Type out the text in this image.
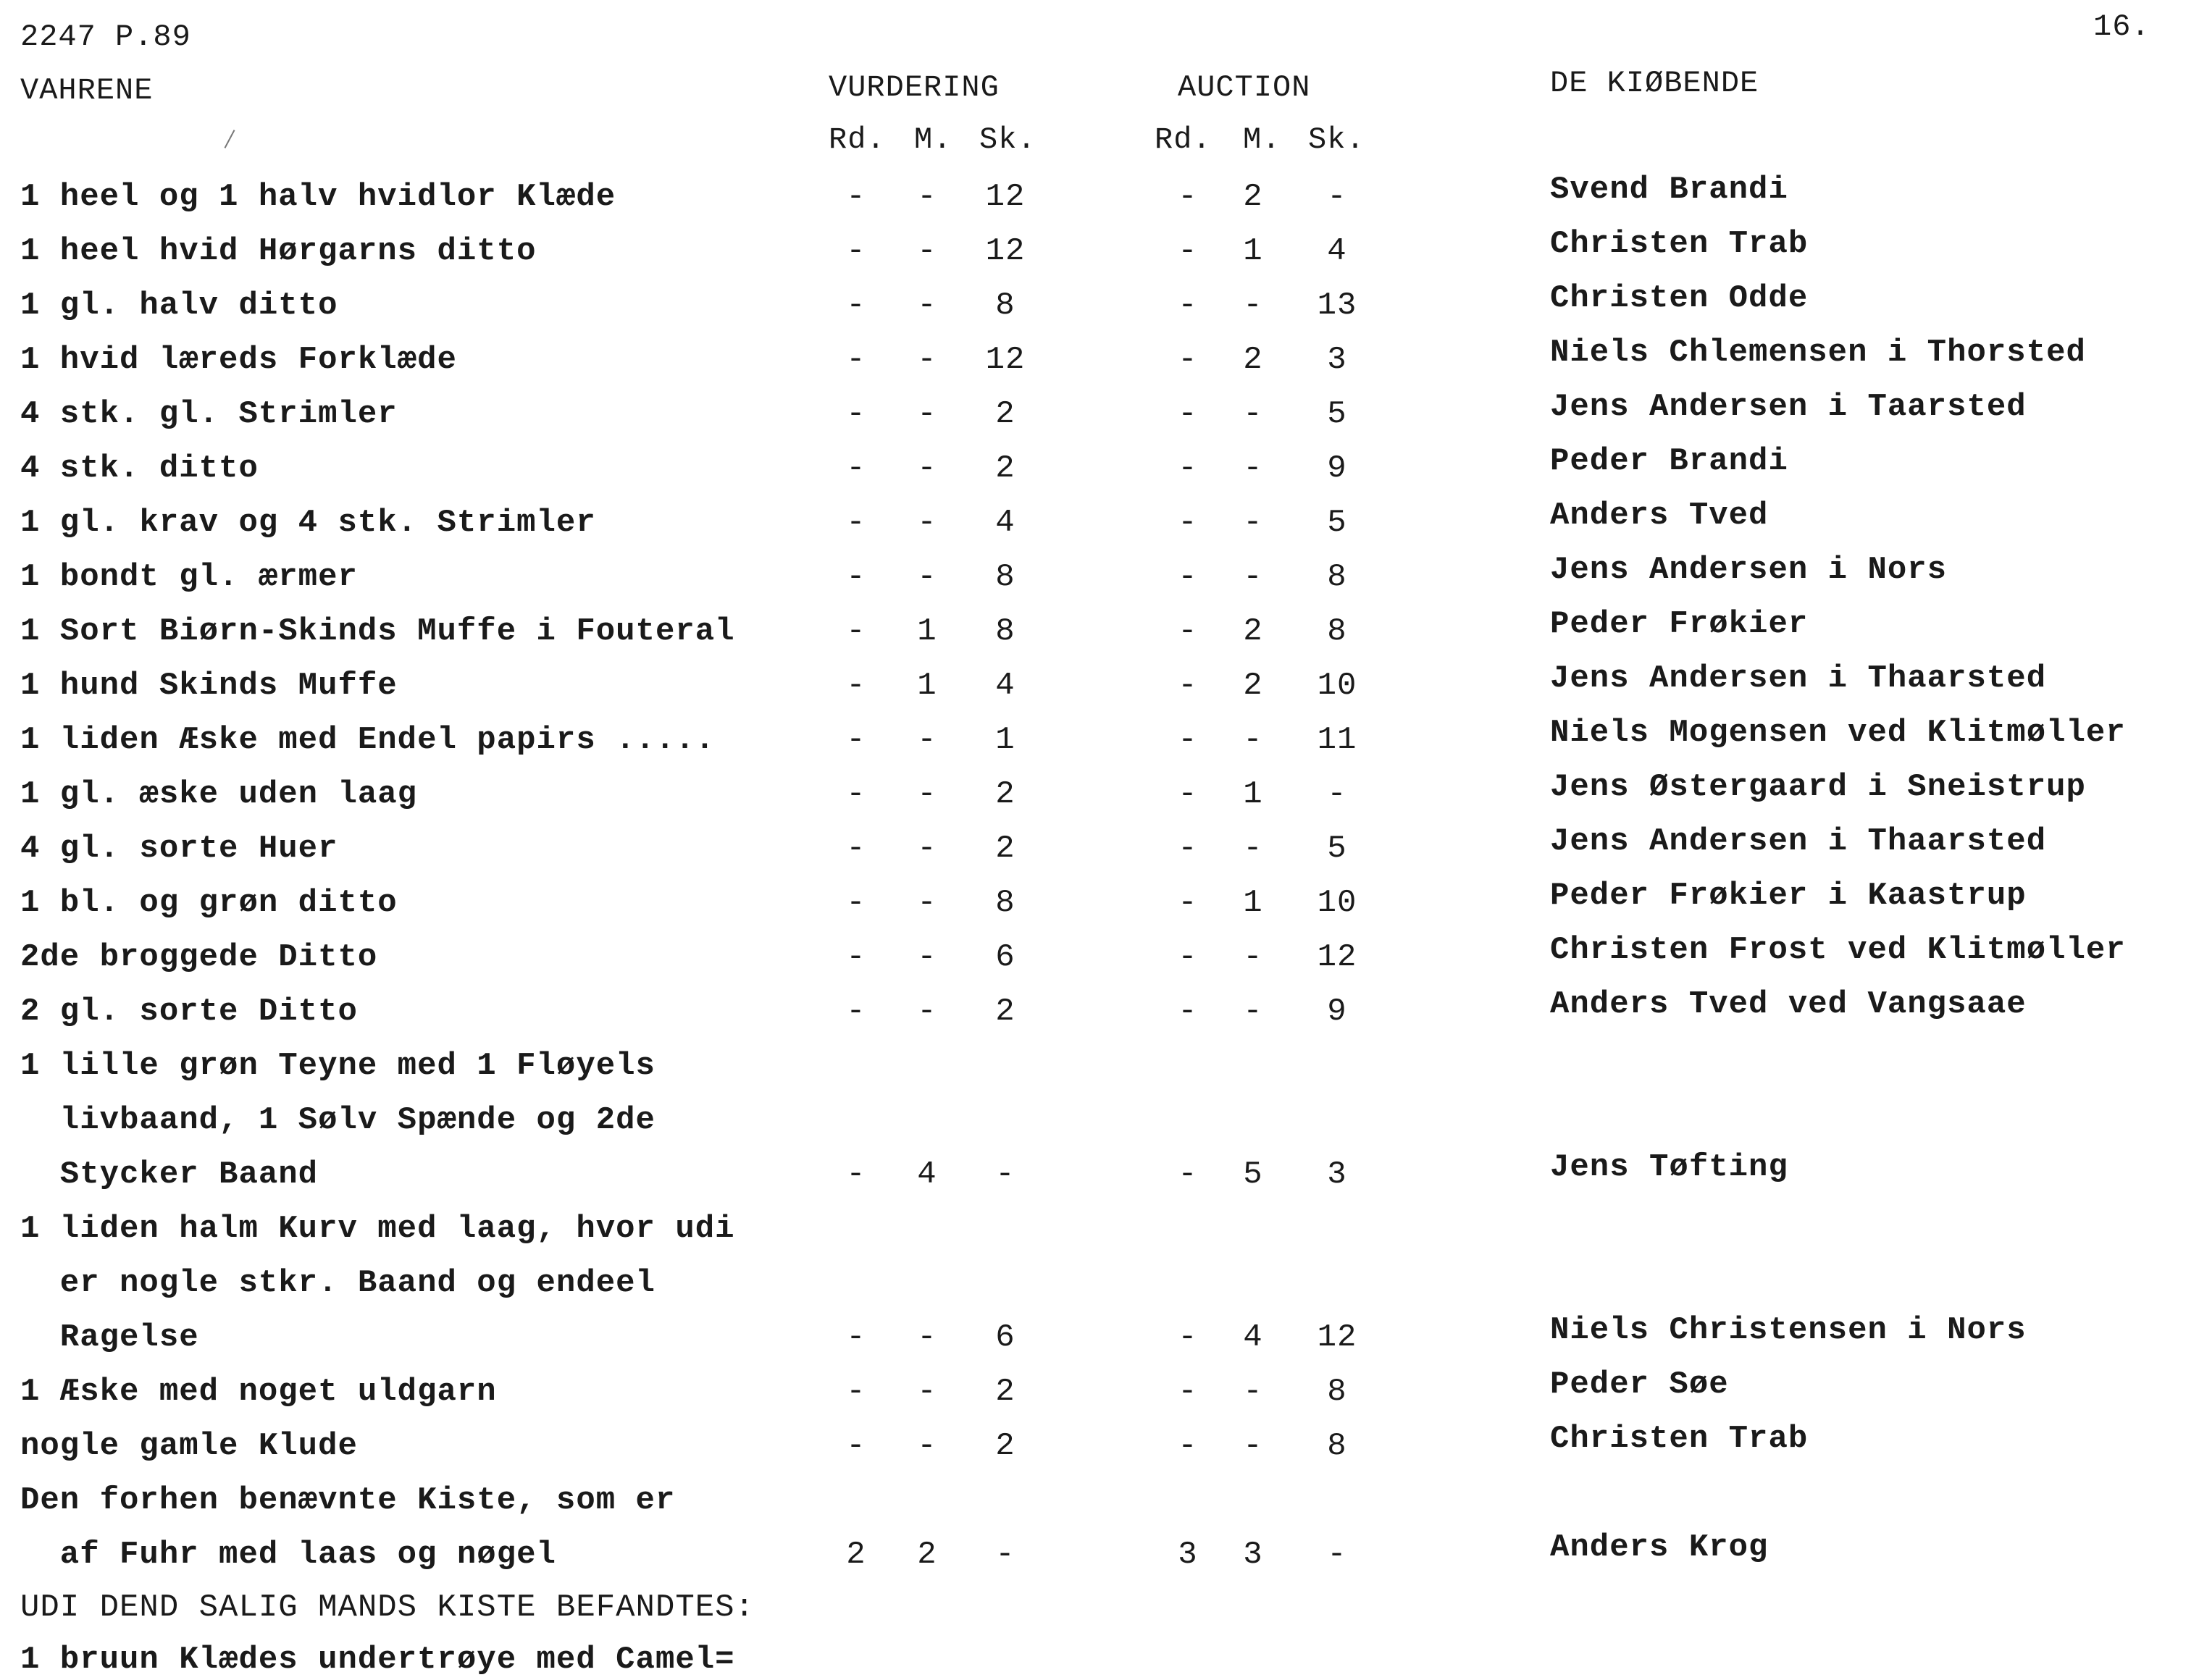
2247 P.89	16.
VAHRENE	VURDERING	AUCTION	DE KIØBENDE
Rd. M. Sk.	Rd. M. Sk.
1 heel og 1 halv hvidlor Klæde	-	-	12	-	2	-	Svend Brandi
1 heel hvid Hørgarns ditto	-	-	12	-	1	4	Christen Trab
1 gl. halv ditto	-	-	8	-	-	13	Christen Odde
1 hvid læreds Forklæde	-	-	12	-	2	3	Niels Chlemensen i Thorsted
4 stk. gl. Strimler	-	-	2	-	-	5	Jens Andersen i Taarsted
4 stk. ditto	-	-	2	-	-	9	Peder Brandi
1 gl. krav og 4 stk. Strimler	-	-	4	-	-	5	Anders Tved
1 bondt gl. ærmer	-	-	8	-	-	8	Jens Andersen i Nors
1 Sort Biørn-Skinds Muffe i Fouteral	-	1	8	-	2	8	Peder Frøkier
1 hund Skinds Muffe	-	1	4	-	2	10	Jens Andersen i Thaarsted
1 liden Æske med Endel papirs .....	-	-	1	-	-	11	Niels Mogensen ved Klitmøller
1 gl. æske uden laag	-	-	2	-	1	-	Jens Østergaard i Sneistrup
4 gl. sorte Huer	-	-	2	-	-	5	Jens Andersen i Thaarsted
1 bl. og grøn ditto	-	-	8	-	1	10	Peder Frøkier i Kaastrup
2de broggede Ditto	-	-	6	-	-	12	Christen Frost ved Klitmøller
2 gl. sorte Ditto	-	-	2	-	-	9	Anders Tved ved Vangsaae
1 lille grøn Teyne med 1 Fløyels
livbaand, 1 Sølv Spænde og 2de
Stycker Baand	-	4	-	-	5	3	Jens Tøfting
1 liden halm Kurv med laag, hvor udi
er nogle stkr. Baand og endeel
Ragelse	-	-	6	-	4	12	Niels Christensen i Nors
1 Æske med noget uldgarn	-	-	2	-	-	8	Peder Søe
nogle gamle Klude	-	-	2	-	-	8	Christen Trab
Den forhen benævnte Kiste, som er
af Fuhr med laas og nøgel	2	2	-	3	3	-	Anders Krog
UDI DEND SALIG MANDS KISTE BEFANDTES:
1 bruun Klædes undertrøye med Camel=
